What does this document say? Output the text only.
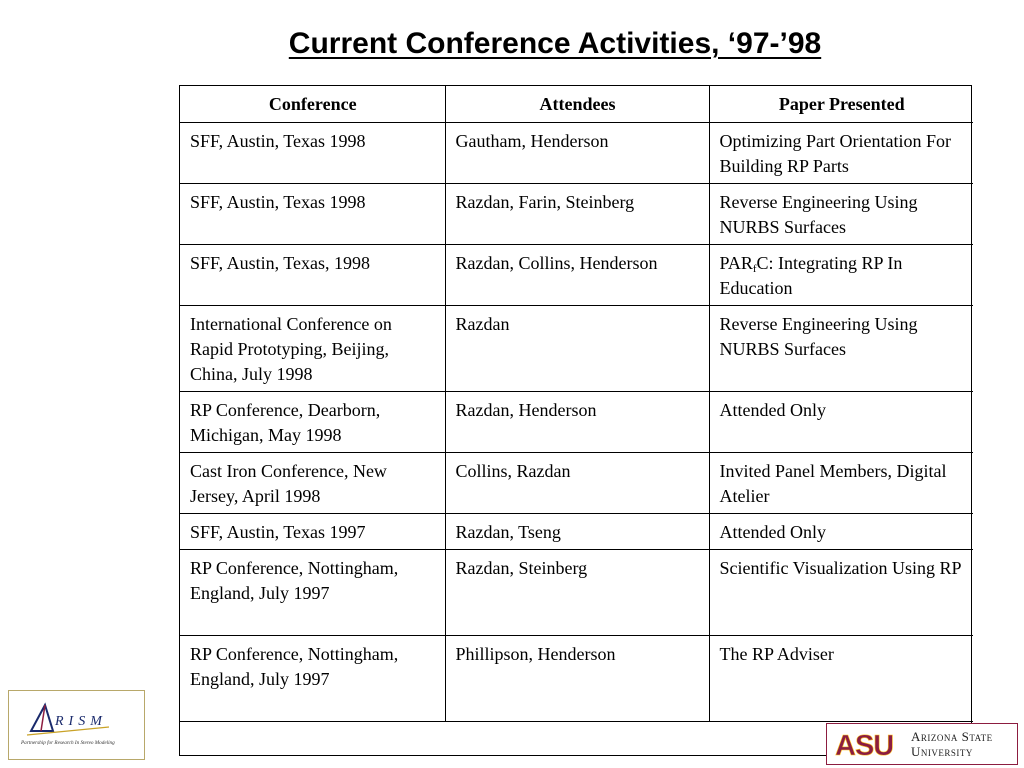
Current Conference Activities, ‘97-’98
Conference	Attendees	Paper Presented
SFF, Austin, Texas 1998	Gautham, Henderson	Optimizing Part Orientation For Building RP Parts
SFF, Austin, Texas 1998	Razdan, Farin, Steinberg	Reverse Engineering Using NURBS Surfaces
SFF, Austin, Texas, 1998	Razdan, Collins, Henderson	$PAR_fC$: Integrating RP In Education
International Conference on Rapid Prototyping, Beijing, China, July 1998	Razdan	Reverse Engineering Using NURBS Surfaces
RP Conference, Dearborn, Michigan, May 1998	Razdan, Henderson	Attended Only
Cast Iron Conference, New Jersey, April 1998	Collins, Razdan	Invited Panel Members, Digital Atelier
SFF, Austin, Texas 1997	Razdan, Tseng	Attended Only
RP Conference, Nottingham, England, July 1997	Razdan, Steinberg	Scientific Visualization Using RP
RP Conference, Nottingham, England, July 1997	Phillipson, Henderson	The RP Adviser
RISM
Partnership for Research In Stereo Modeling	ASU Arizona State
University
